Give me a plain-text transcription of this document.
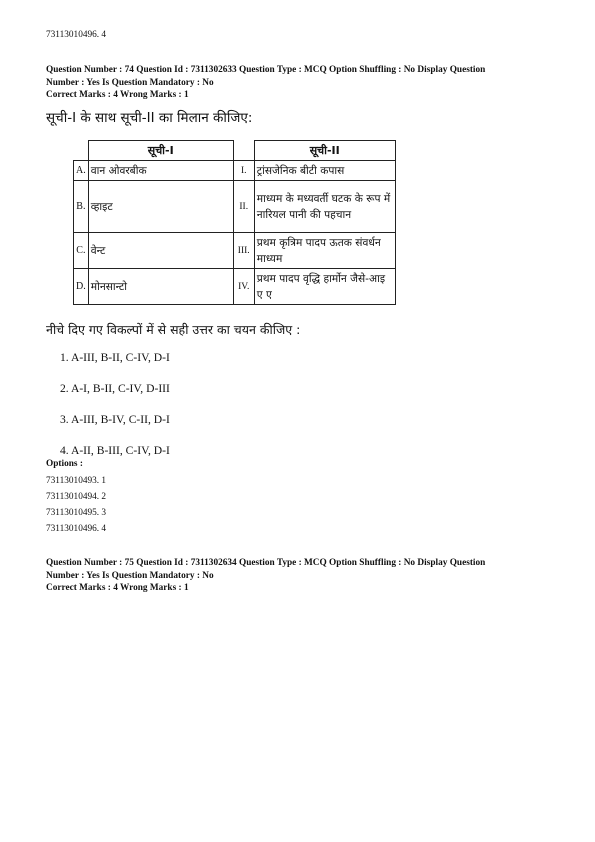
73113010496. 4
Question Number : 74 Question Id : 7311302633 Question Type : MCQ Option Shuffling : No Display Question
Number : Yes Is Question Mandatory : No
Correct Marks : 4 Wrong Marks : 1
सूची-I के साथ सूची-II का मिलान कीजिए:
	सूची-I		सूची-II
A.	वान ओवरबीक	I.	ट्रांसजेनिक बीटी कपास
B.	व्हाइट	II.	माध्यम के मध्यवर्ती घटक के रूप में नारियल पानी की पहचान
C.	वेन्ट	III.	प्रथम कृत्रिम पादप ऊतक संवर्धन माध्यम
D.	मोनसान्टो	IV.	प्रथम पादप वृद्धि हार्मोन जैसे-आइ ए ए
नीचे दिए गए विकल्पों में से सही उत्तर का चयन कीजिए :
1. A-III, B-II, C-IV, D-I
2. A-I, B-II, C-IV, D-III
3. A-III, B-IV, C-II, D-I
4. A-II, B-III, C-IV, D-I
Options :
73113010493. 1
73113010494. 2
73113010495. 3
73113010496. 4
Question Number : 75 Question Id : 7311302634 Question Type : MCQ Option Shuffling : No Display Question
Number : Yes Is Question Mandatory : No
Correct Marks : 4 Wrong Marks : 1
